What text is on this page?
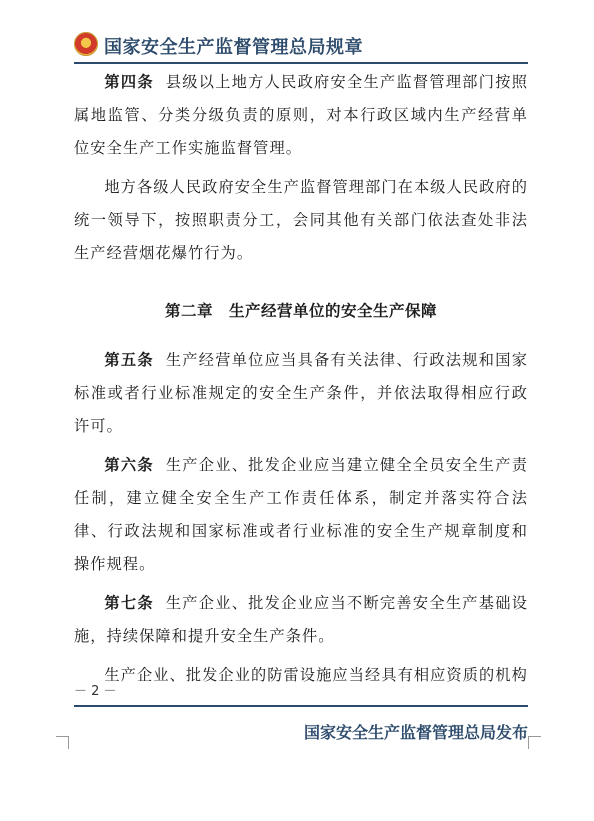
国家安全生产监督管理总局规章

第四条 县级以上地方人民政府安全生产监督管理部门按照属地监管、分类分级负责的原则，对本行政区域内生产经营单位安全生产工作实施监督管理。

地方各级人民政府安全生产监督管理部门在本级人民政府的统一领导下，按照职责分工，会同其他有关部门依法查处非法生产经营烟花爆竹行为。

第二章　生产经营单位的安全生产保障

第五条 生产经营单位应当具备有关法律、行政法规和国家标准或者行业标准规定的安全生产条件，并依法取得相应行政许可。

第六条 生产企业、批发企业应当建立健全全员安全生产责任制，建立健全安全生产工作责任体系，制定并落实符合法律、行政法规和国家标准或者行业标准的安全生产规章制度和操作规程。

第七条 生产企业、批发企业应当不断完善安全生产基础设施，持续保障和提升安全生产条件。

生产企业、批发企业的防雷设施应当经具有相应资质的机构

－ 2 －
国家安全生产监督管理总局发布
